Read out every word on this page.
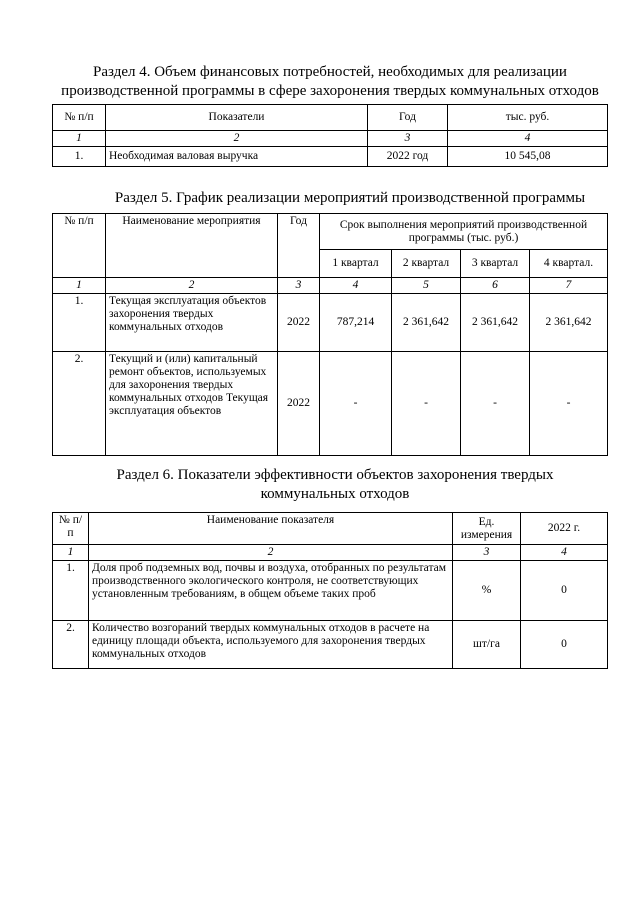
Раздел 4. Объем финансовых потребностей, необходимых для реализации производственной программы в сфере захоронения твердых коммунальных отходов
№ п/п	Показатели	Год	тыс. руб.
1	2	3	4
1.	Необходимая валовая выручка	2022 год	10 545,08
Раздел 5. График реализации мероприятий производственной программы
№ п/п	Наименование мероприятия	Год	Срок выполнения мероприятий производственной программы (тыс. руб.)			
			1 квартал	2 квартал	3 квартал	4 квартал.
1	2	3	4	5	6	7
1.	Текущая эксплуатация объектов захоронения твердых коммунальных отходов	2022	787,214	2 361,642	2 361,642	2 361,642
2.	Текущий и (или) капитальный ремонт объектов, используемых для захоронения твердых коммунальных отходов Текущая эксплуатация объектов	2022	-	-	-	-
Раздел 6. Показатели эффективности объектов захоронения твердых коммунальных отходов
№ п/п	Наименование показателя	Ед. измерения	2022 г.
1	2	3	4
1.	Доля проб подземных вод, почвы и воздуха, отобранных по результатам производственного экологического контроля, не соответствующих установленным требованиям, в общем объеме таких проб	%	0
2.	Количество возгораний твердых коммунальных отходов в расчете на единицу площади объекта, используемого для захоронения твердых коммунальных отходов	шт/га	0
